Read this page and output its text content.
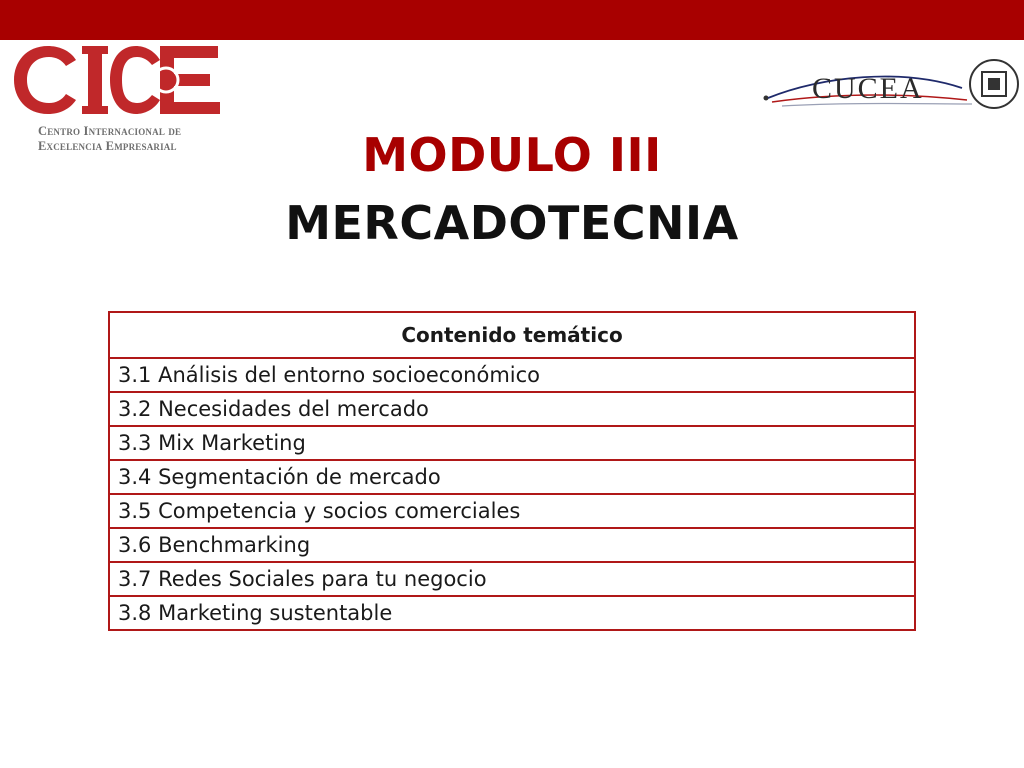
Centro Internacional de
Excelencia Empresarial
CUCEA
MODULO III
MERCADOTECNIA
Contenido temático
3.1 Análisis del entorno socioeconómico
3.2 Necesidades del mercado
3.3 Mix Marketing
3.4 Segmentación de mercado
3.5 Competencia y socios comerciales
3.6 Benchmarking
3.7 Redes Sociales para tu negocio
3.8 Marketing sustentable
